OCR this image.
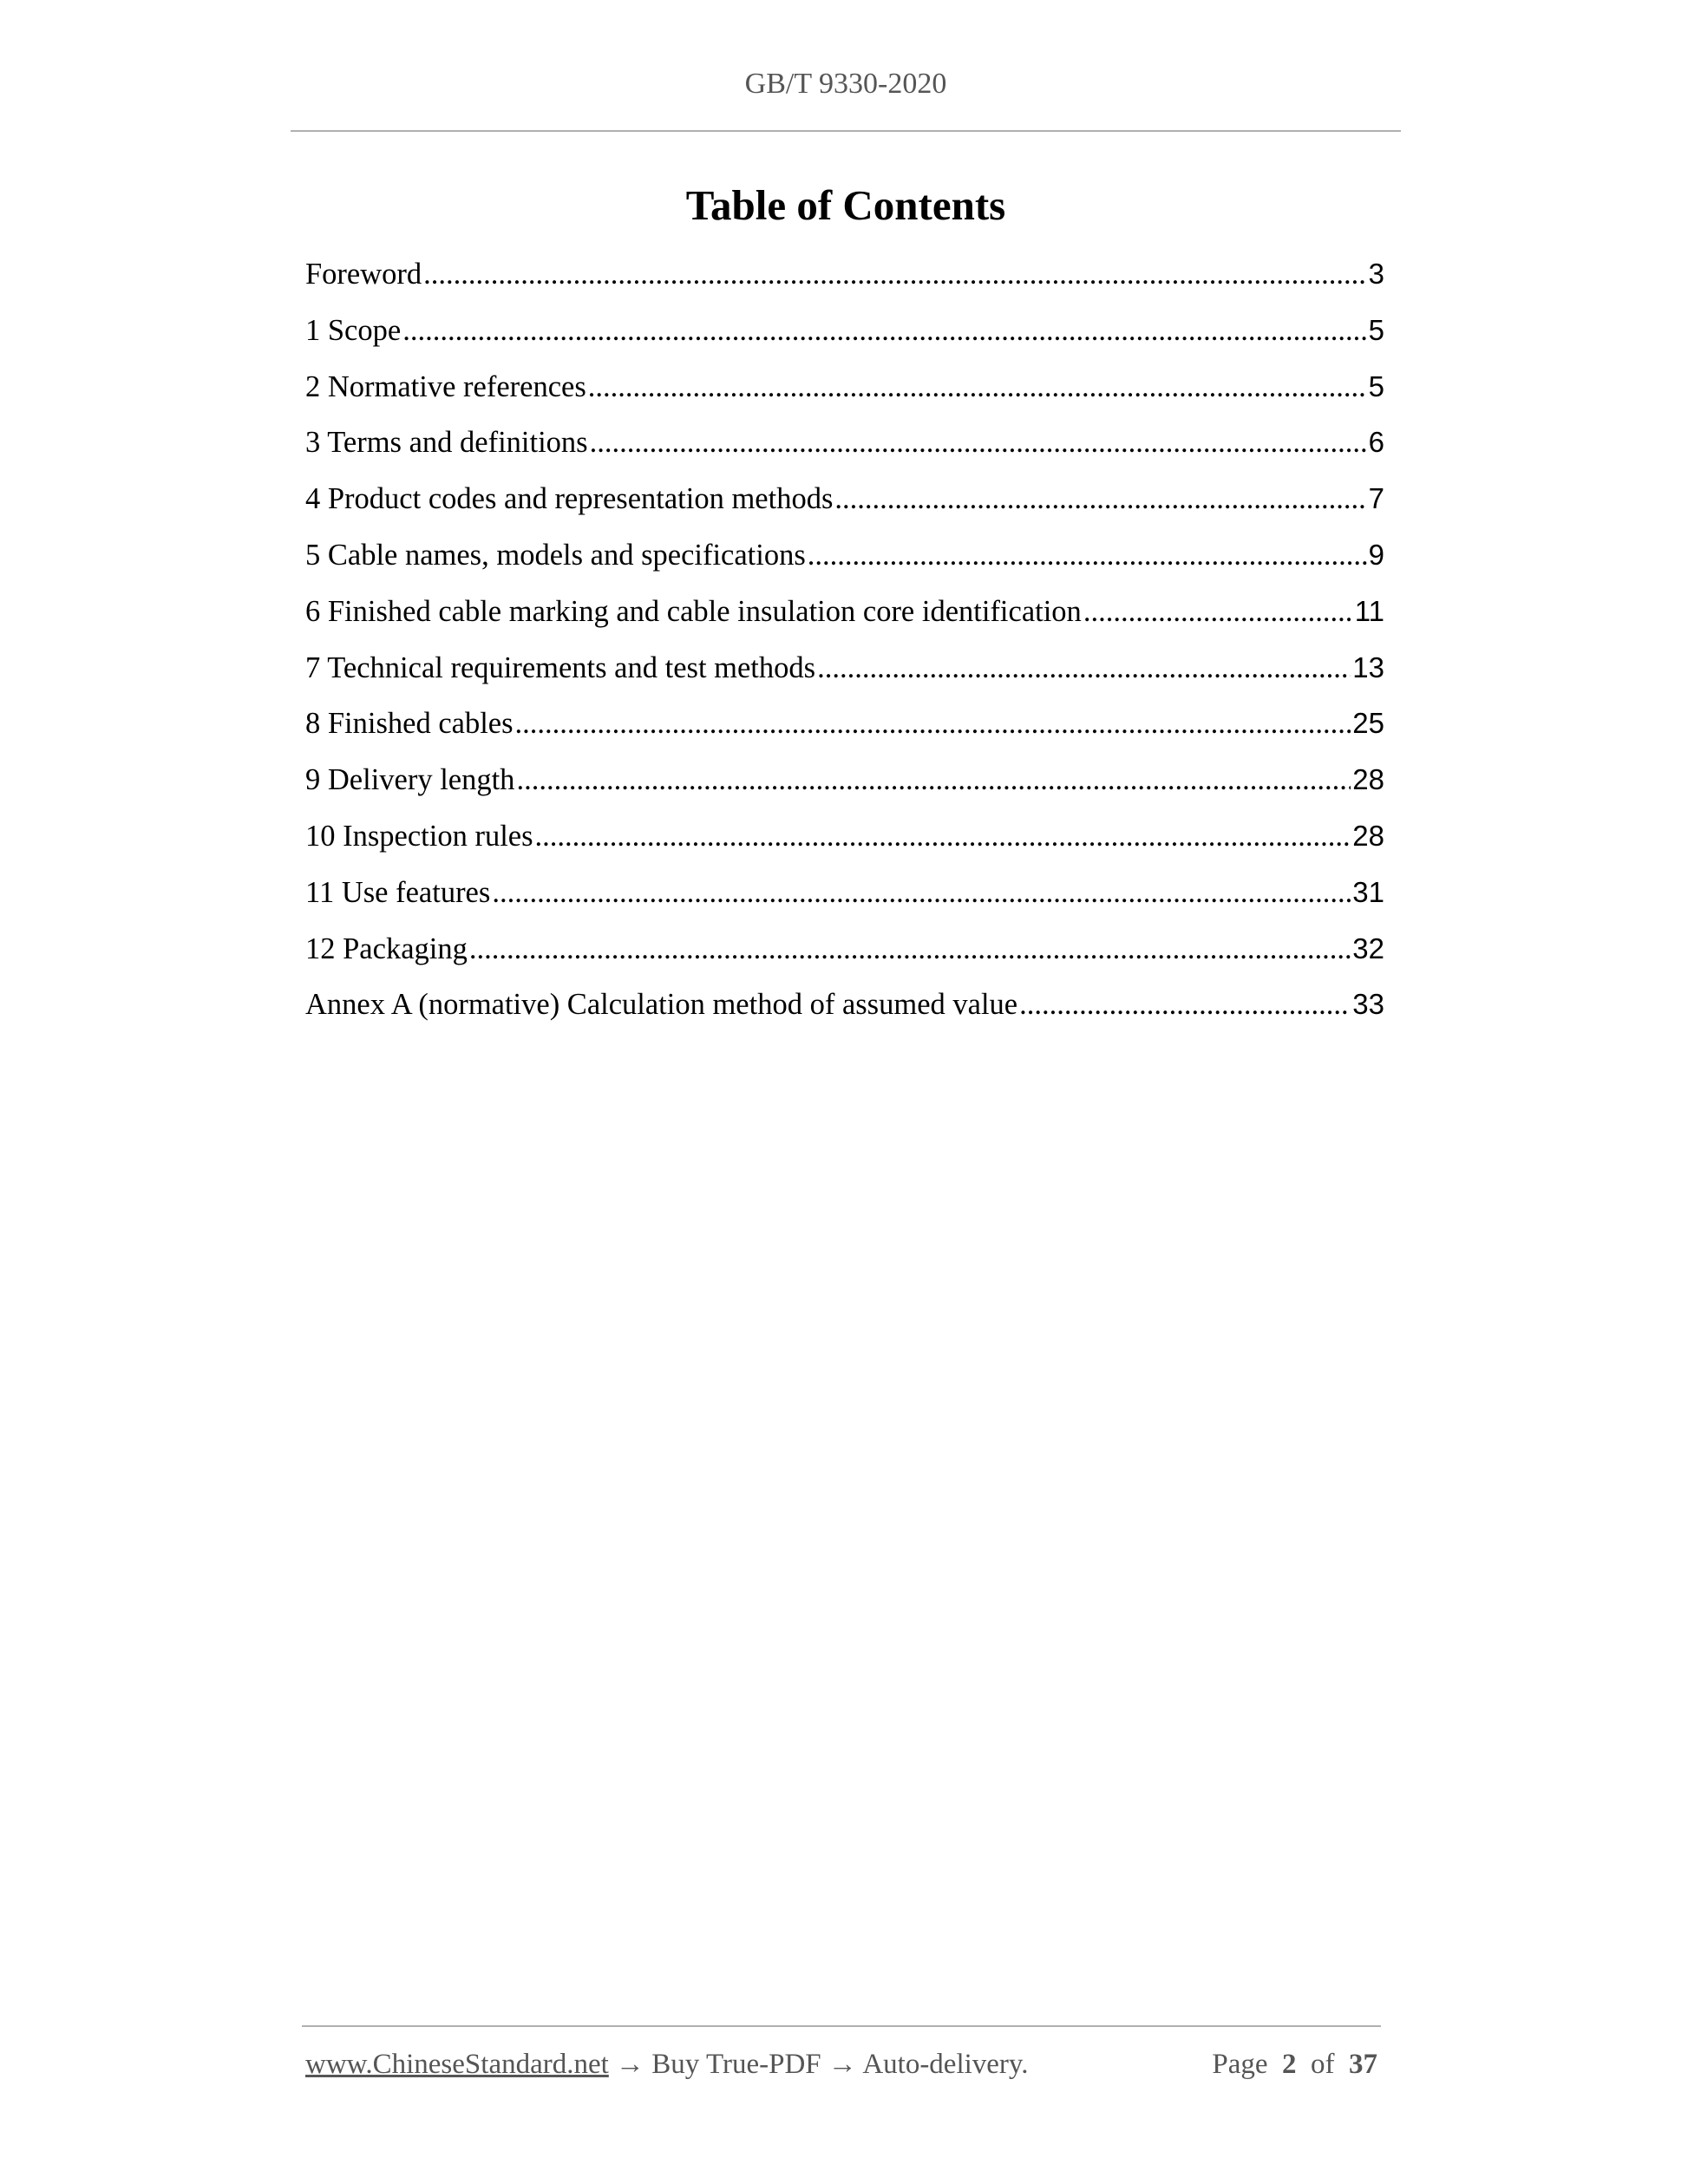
GB/T 9330-2020
Table of Contents
Foreword .....	3
1 Scope .....	5
2 Normative references .....	5
3 Terms and definitions .....	6
4 Product codes and representation methods .....	7
5 Cable names, models and specifications .....	9
6 Finished cable marking and cable insulation core identification .....	11
7 Technical requirements and test methods .....	13
8 Finished cables .....	25
9 Delivery length .....	28
10 Inspection rules .....	28
11 Use features .....	31
12 Packaging .....	32
Annex A (normative) Calculation method of assumed value .....	33
www.ChineseStandard.net → Buy True-PDF → Auto-delivery.	Page 2 of 37
